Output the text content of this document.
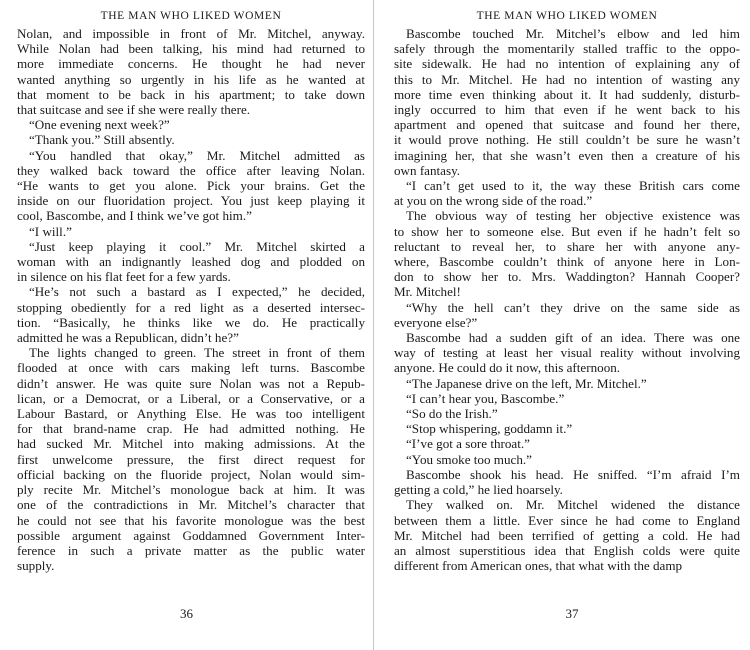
THE MAN WHO LIKED WOMEN
Nolan, and impossible in front of Mr. Mitchel, anyway.
While Nolan had been talking, his mind had returned to
more immediate concerns. He thought he had never
wanted anything so urgently in his life as he wanted at
that moment to be back in his apartment; to take down
that suitcase and see if she were really there.
“One evening next week?”
“Thank you.” Still absently.
“You handled that okay,” Mr. Mitchel admitted as
they walked back toward the office after leaving Nolan.
“He wants to get you alone. Pick your brains. Get the
inside on our fluoridation project. You just keep playing it
cool, Bascombe, and I think we’ve got him.”
“I will.”
“Just keep playing it cool.” Mr. Mitchel skirted a
woman with an indignantly leashed dog and plodded on
in silence on his flat feet for a few yards.
“He’s not such a bastard as I expected,” he decided,
stopping obediently for a red light as a deserted intersec-
tion. “Basically, he thinks like we do. He practically
admitted he was a Republican, didn’t he?”
The lights changed to green. The street in front of them
flooded at once with cars making left turns. Bascombe
didn’t answer. He was quite sure Nolan was not a Repub-
lican, or a Democrat, or a Liberal, or a Conservative, or a
Labour Bastard, or Anything Else. He was too intelligent
for that brand-name crap. He had admitted nothing. He
had sucked Mr. Mitchel into making admissions. At the
first unwelcome pressure, the first direct request for
official backing on the fluoride project, Nolan would sim-
ply recite Mr. Mitchel’s monologue back at him. It was
one of the contradictions in Mr. Mitchel’s character that
he could not see that his favorite monologue was the best
possible argument against Goddamned Government Inter-
ference in such a private matter as the public water
supply.
36
THE MAN WHO LIKED WOMEN
Bascombe touched Mr. Mitchel’s elbow and led him
safely through the momentarily stalled traffic to the oppo-
site sidewalk. He had no intention of explaining any of
this to Mr. Mitchel. He had no intention of wasting any
more time even thinking about it. It had suddenly, disturb-
ingly occurred to him that even if he went back to his
apartment and opened that suitcase and found her there,
it would prove nothing. He still couldn’t be sure he wasn’t
imagining her, that she wasn’t even then a creature of his
own fantasy.
“I can’t get used to it, the way these British cars come
at you on the wrong side of the road.”
The obvious way of testing her objective existence was
to show her to someone else. But even if he hadn’t felt so
reluctant to reveal her, to share her with anyone any-
where, Bascombe couldn’t think of anyone here in Lon-
don to show her to. Mrs. Waddington? Hannah Cooper?
Mr. Mitchel!
“Why the hell can’t they drive on the same side as
everyone else?”
Bascombe had a sudden gift of an idea. There was one
way of testing at least her visual reality without involving
anyone. He could do it now, this afternoon.
“The Japanese drive on the left, Mr. Mitchel.”
“I can’t hear you, Bascombe.”
“So do the Irish.”
“Stop whispering, goddamn it.”
“I’ve got a sore throat.”
“You smoke too much.”
Bascombe shook his head. He sniffed. “I’m afraid I’m
getting a cold,” he lied hoarsely.
They walked on. Mr. Mitchel widened the distance
between them a little. Ever since he had come to England
Mr. Mitchel had been terrified of getting a cold. He had
an almost superstitious idea that English colds were quite
different from American ones, that what with the damp
37
